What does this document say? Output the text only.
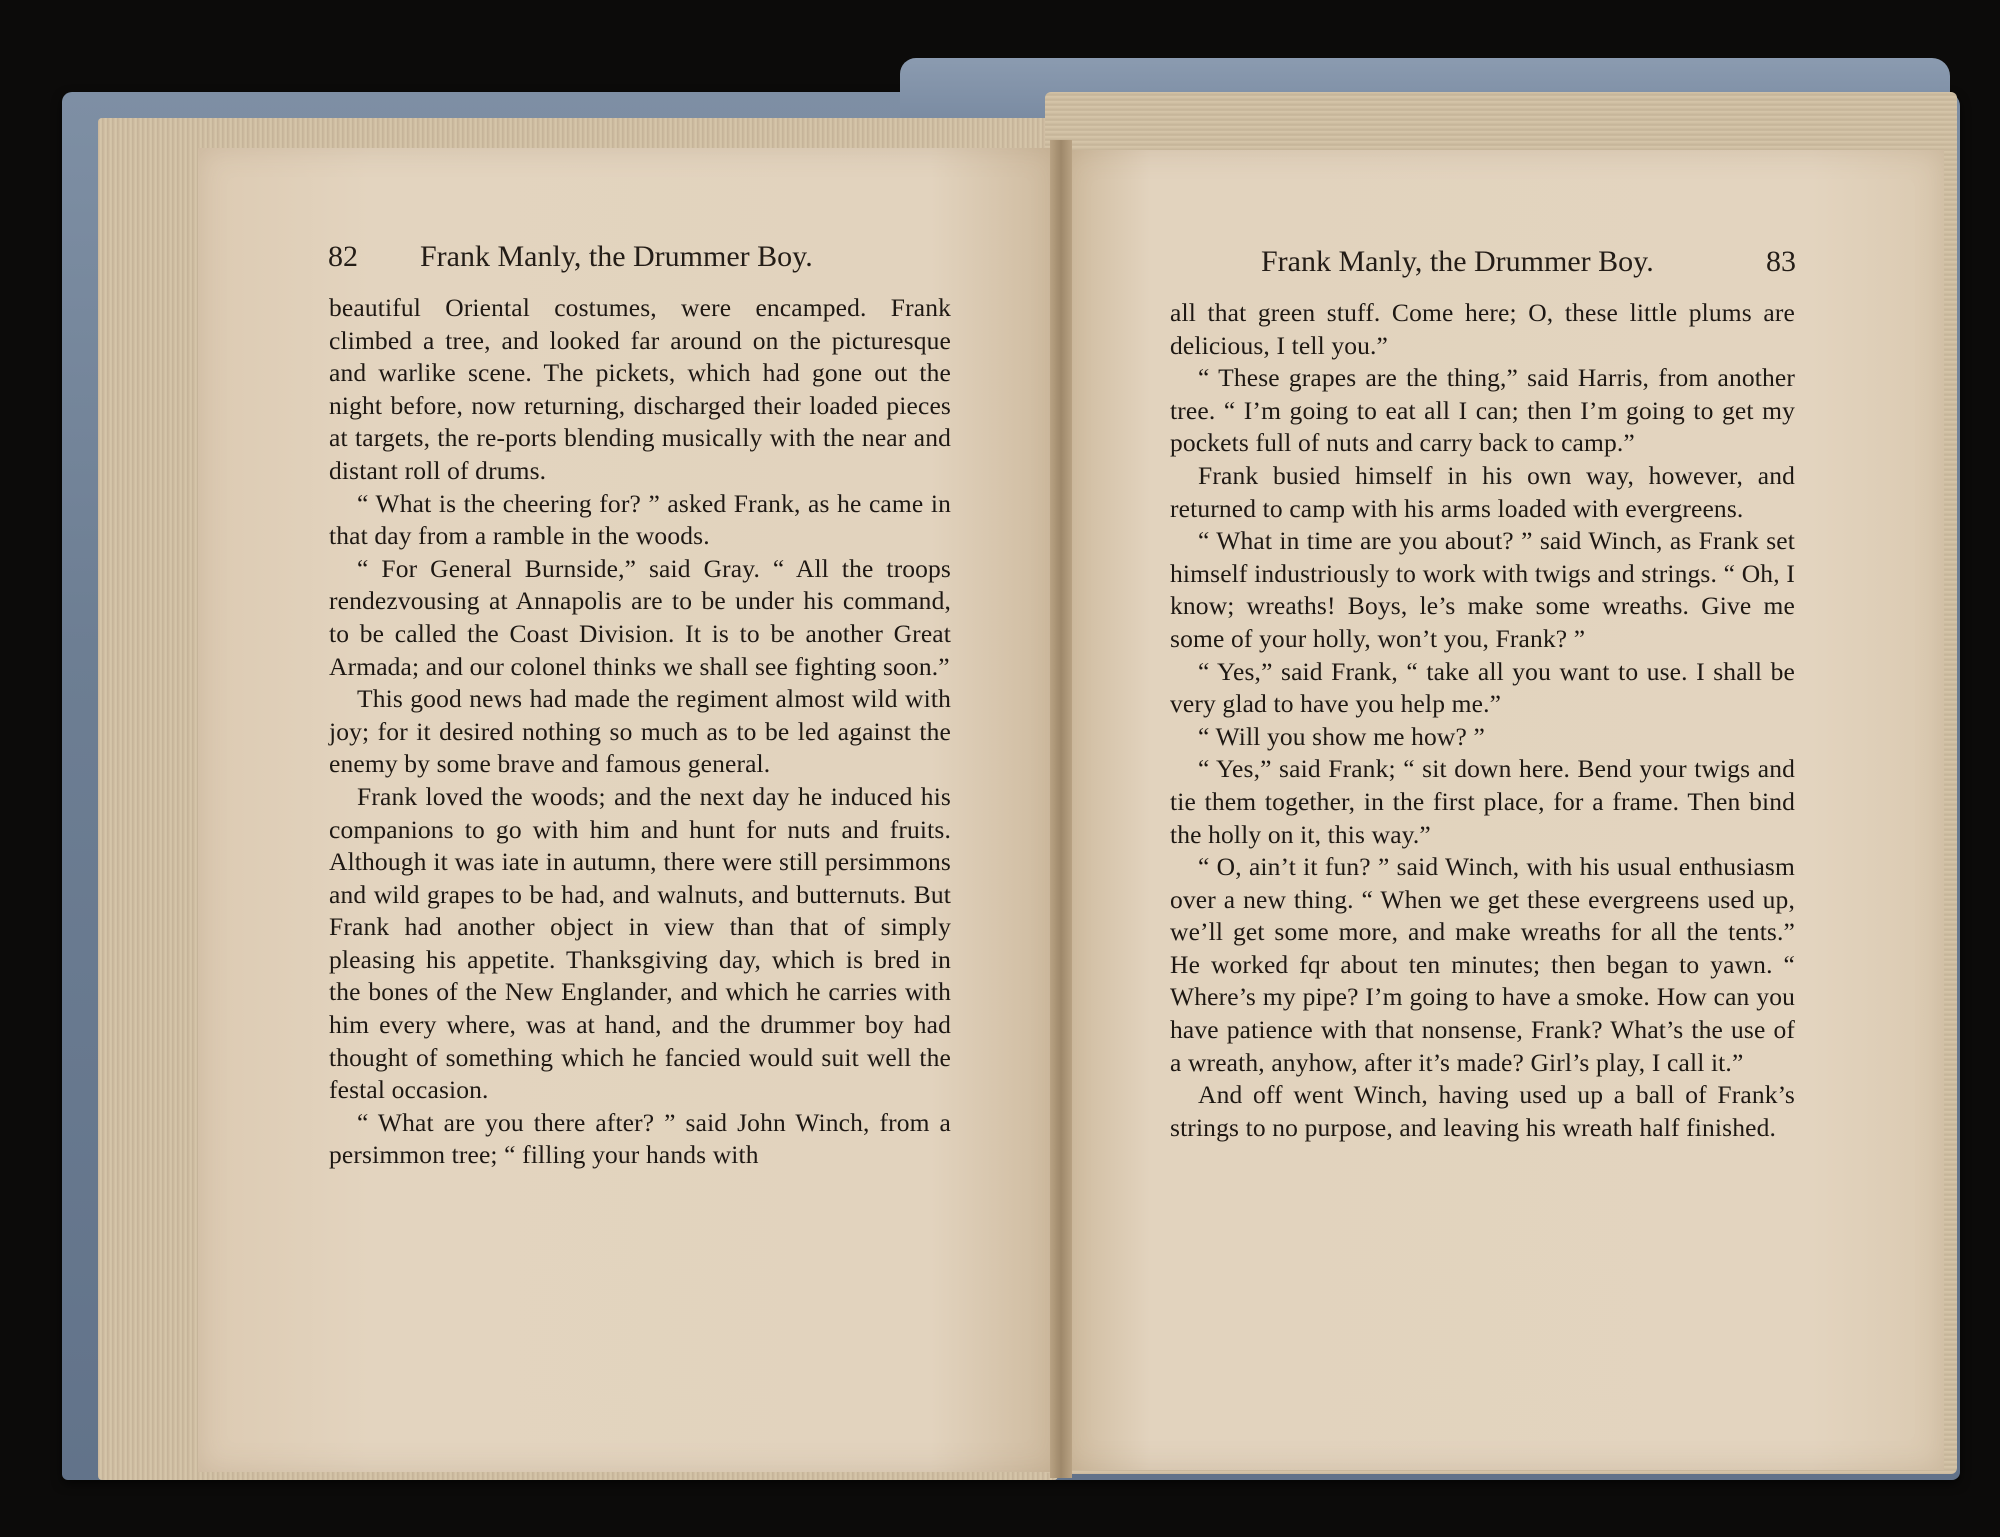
82 Frank Manly, the Drummer Boy.	Frank Manly, the Drummer Boy.	83

beautiful Oriental costumes, were encamped. Frank climbed a tree, and looked far around on the picturesque and warlike scene. The pickets, which had gone out the night before, now returning, discharged their loaded pieces at targets, the re-ports blending musically with the near and distant roll of drums.

“ What is the cheering for? ” asked Frank, as he came in that day from a ramble in the woods.

“ For General Burnside,” said Gray. “ All the troops rendezvousing at Annapolis are to be under his command, to be called the Coast Division. It is to be another Great Armada; and our colonel thinks we shall see fighting soon.”

This good news had made the regiment almost wild with joy; for it desired nothing so much as to be led against the enemy by some brave and famous general.

Frank loved the woods; and the next day he induced his companions to go with him and hunt for nuts and fruits. Although it was iate in autumn, there were still persimmons and wild grapes to be had, and walnuts, and butternuts. But Frank had another object in view than that of simply pleasing his appetite. Thanksgiving day, which is bred in the bones of the New Englander, and which he carries with him every where, was at hand, and the drummer boy had thought of something which he fancied would suit well the festal occasion.

“ What are you there after? ” said John Winch, from a persimmon tree; “ filling your hands with

all that green stuff. Come here; O, these little plums are delicious, I tell you.”

“ These grapes are the thing,” said Harris, from another tree. “ I’m going to eat all I can; then I’m going to get my pockets full of nuts and carry back to camp.”

Frank busied himself in his own way, however, and returned to camp with his arms loaded with evergreens.

“ What in time are you about? ” said Winch, as Frank set himself industriously to work with twigs and strings. “ Oh, I know; wreaths! Boys, le’s make some wreaths. Give me some of your holly, won’t you, Frank? ”

“ Yes,” said Frank, “ take all you want to use. I shall be very glad to have you help me.”

“ Will you show me how? ”

“ Yes,” said Frank; “ sit down here. Bend your twigs and tie them together, in the first place, for a frame. Then bind the holly on it, this way.”

“ O, ain’t it fun? ” said Winch, with his usual enthusiasm over a new thing. “ When we get these evergreens used up, we’ll get some more, and make wreaths for all the tents.” He worked fqr about ten minutes; then began to yawn. “ Where’s my pipe? I’m going to have a smoke. How can you have patience with that nonsense, Frank? What’s the use of a wreath, anyhow, after it’s made? Girl’s play, I call it.”

And off went Winch, having used up a ball of Frank’s strings to no purpose, and leaving his wreath half finished.
